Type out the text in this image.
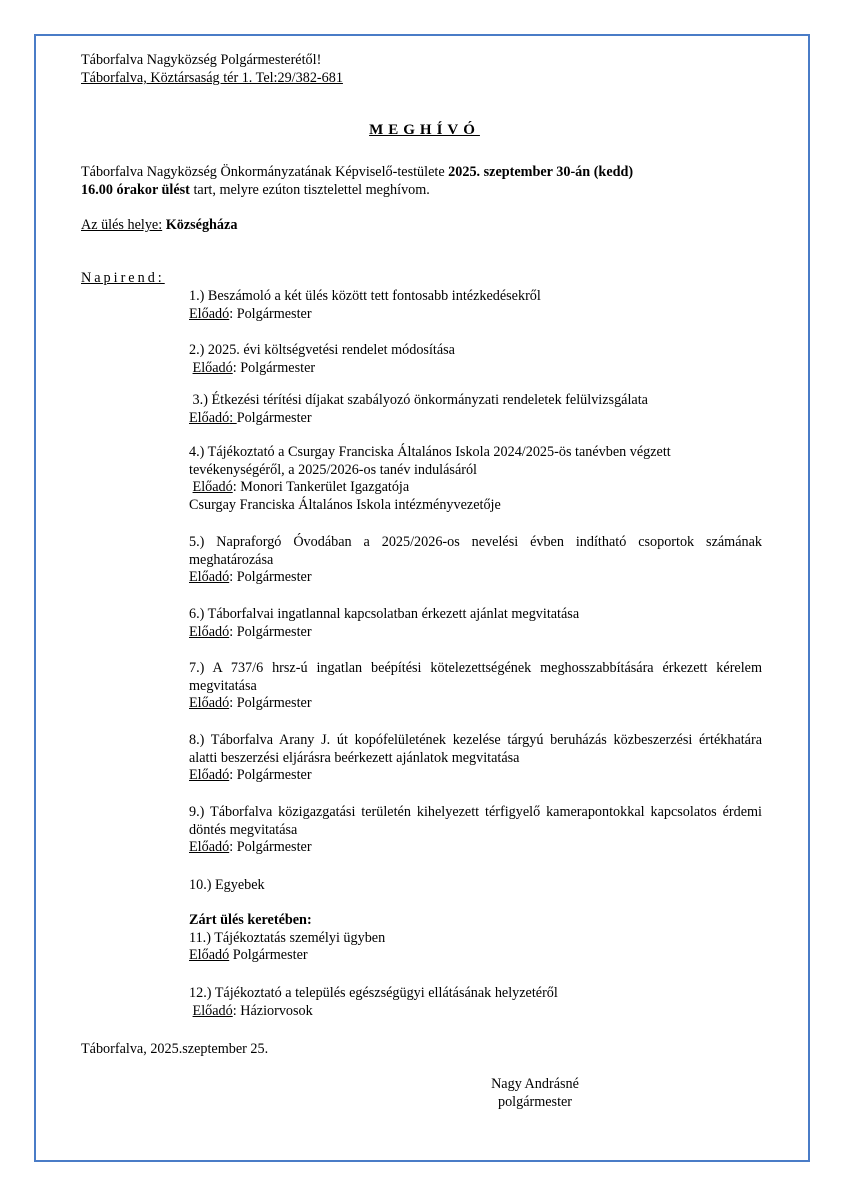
Táborfalva Nagyközség Polgármesterétől!
Táborfalva, Köztársaság tér 1. Tel:29/382-681
MEGHÍVÓ
Táborfalva Nagyközség Önkormányzatának Képviselő-testülete 2025. szeptember 30-án (kedd)
16.00 órakor ülést tart, melyre ezúton tisztelettel meghívom.
Az ülés helye: Községháza
Napirend:
1.) Beszámoló a két ülés között tett fontosabb intézkedésekről
Előadó: Polgármester
2.) 2025. évi költségvetési rendelet módosítása
Előadó: Polgármester
3.) Étkezési térítési díjakat szabályozó önkormányzati rendeletek felülvizsgálata
Előadó: Polgármester
4.) Tájékoztató a Csurgay Franciska Általános Iskola 2024/2025-ös tanévben végzett tevékenységéről, a 2025/2026-os tanév indulásáról
Előadó: Monori Tankerület Igazgatója
Csurgay Franciska Általános Iskola intézményvezetője
5.) Napraforgó Óvodában a 2025/2026-os nevelési évben indítható csoportok számának meghatározása
Előadó: Polgármester
6.) Táborfalvai ingatlannal kapcsolatban érkezett ajánlat megvitatása
Előadó: Polgármester
7.) A 737/6 hrsz-ú ingatlan beépítési kötelezettségének meghosszabbítására érkezett kérelem megvitatása
Előadó: Polgármester
8.) Táborfalva Arany J. út kopófelületének kezelése tárgyú beruházás közbeszerzési értékhatára alatti beszerzési eljárásra beérkezett ajánlatok megvitatása
Előadó: Polgármester
9.) Táborfalva közigazgatási területén kihelyezett térfigyelő kamerapontokkal kapcsolatos érdemi döntés megvitatása
Előadó: Polgármester
10.) Egyebek
Zárt ülés keretében:
11.) Tájékoztatás személyi ügyben
Előadó Polgármester
12.) Tájékoztató a település egészségügyi ellátásának helyzetéről
Előadó: Háziorvosok
Táborfalva, 2025.szeptember 25.
Nagy Andrásné
polgármester
